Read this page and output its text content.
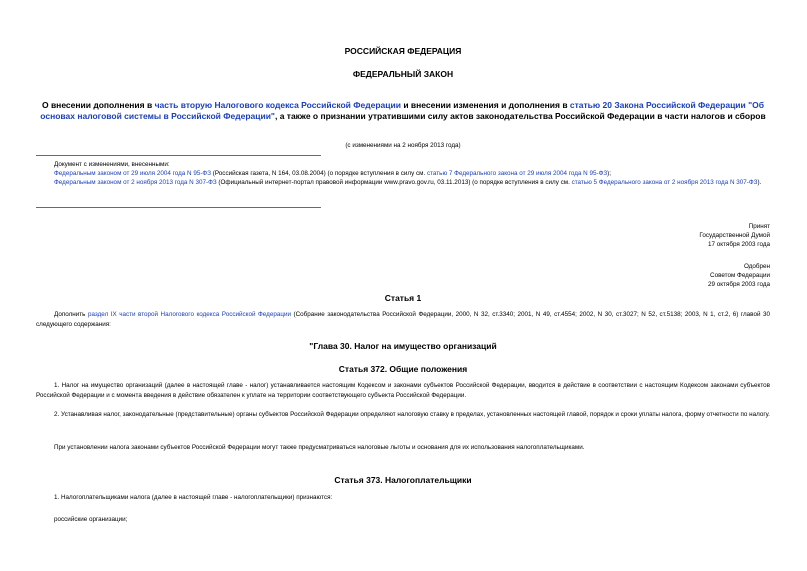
РОССИЙСКАЯ ФЕДЕРАЦИЯ
ФЕДЕРАЛЬНЫЙ ЗАКОН
О внесении дополнения в часть вторую Налогового кодекса Российской Федерации и внесении изменения и дополнения в статью 20 Закона Российской Федерации "Об основах налоговой системы в Российской Федерации", а также о признании утратившими силу актов законодательства Российской Федерации в части налогов и сборов
(с изменениями на 2 ноября 2013 года)
Документ с изменениями, внесенными:
Федеральным законом от 29 июля 2004 года N 95-ФЗ (Российская газета, N 164, 03.08.2004) (о порядке вступления в силу см. статью 7 Федерального закона от 29 июля 2004 года N 95-ФЗ);
Федеральным законом от 2 ноября 2013 года N 307-ФЗ (Официальный интернет-портал правовой информации www.pravo.gov.ru, 03.11.2013) (о порядке вступления в силу см. статью 5 Федерального закона от 2 ноября 2013 года N 307-ФЗ).
Принят
Государственной Думой
17 октября 2003 года
Одобрен
Советом Федерации
29 октября 2003 года
Статья 1
Дополнить раздел IX части второй Налогового кодекса Российской Федерации (Собрание законодательства Российской Федерации, 2000, N 32, ст.3340; 2001, N 49, ст.4554; 2002, N 30, ст.3027; N 52, ст.5138; 2003, N 1, ст.2, 6) главой 30 следующего содержания:
"Глава 30. Налог на имущество организаций
Статья 372. Общие положения
1. Налог на имущество организаций (далее в настоящей главе - налог) устанавливается настоящим Кодексом и законами субъектов Российской Федерации, вводится в действие в соответствии с настоящим Кодексом законами субъектов Российской Федерации и с момента введения в действие обязателен к уплате на территории соответствующего субъекта Российской Федерации.
2. Устанавливая налог, законодательные (представительные) органы субъектов Российской Федерации определяют налоговую ставку в пределах, установленных настоящей главой, порядок и сроки уплаты налога, форму отчетности по налогу.
При установлении налога законами субъектов Российской Федерации могут также предусматриваться налоговые льготы и основания для их использования налогоплательщиками.
Статья 373. Налогоплательщики
1. Налогоплательщиками налога (далее в настоящей главе - налогоплательщики) признаются:
российские организации;
